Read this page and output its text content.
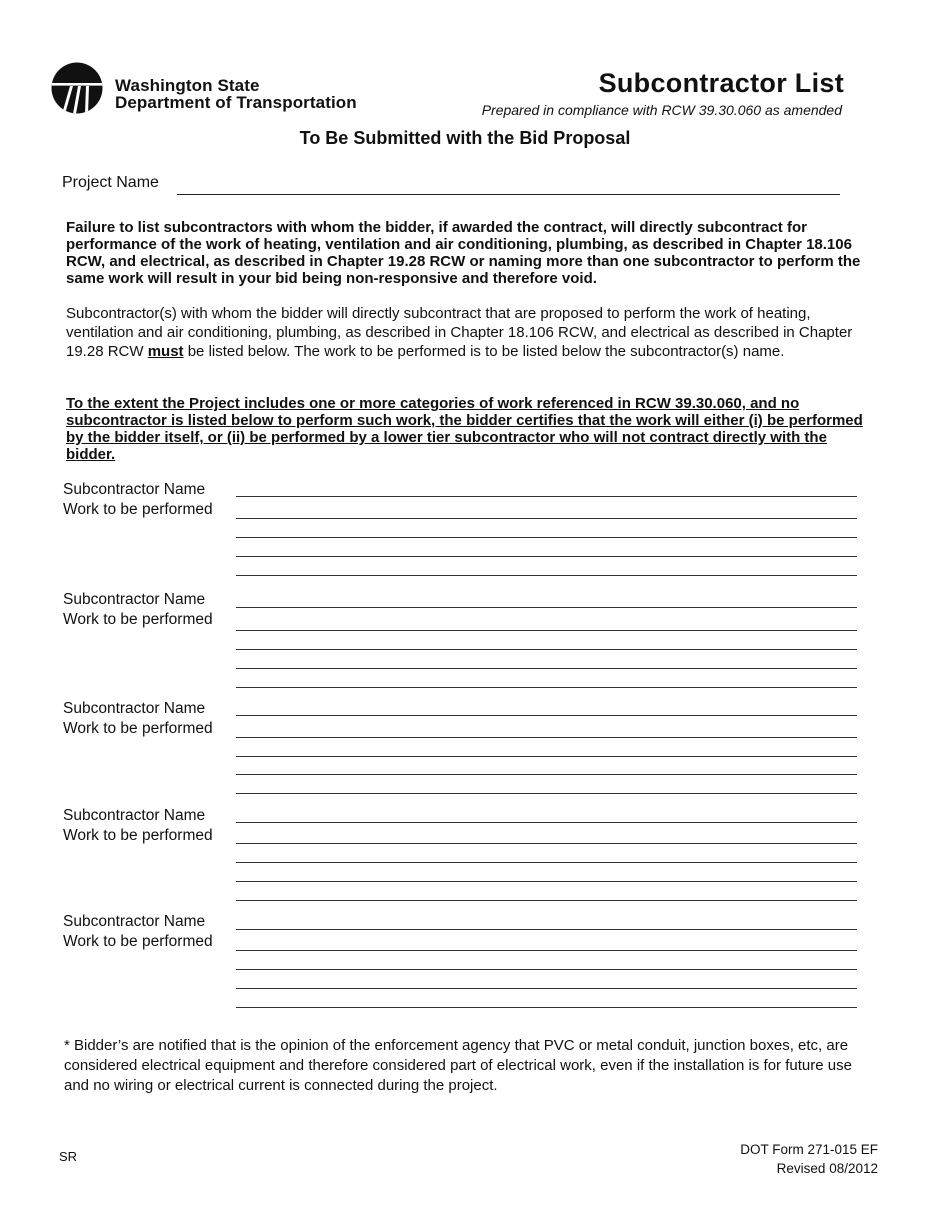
Washington State
Department of Transportation
Subcontractor List
Prepared in compliance with RCW 39.30.060 as amended
To Be Submitted with the Bid Proposal
Project Name
Failure to list subcontractors with whom the bidder, if awarded the contract, will directly subcontract for performance of the work of heating, ventilation and air conditioning, plumbing, as described in Chapter 18.106 RCW, and electrical, as described in Chapter 19.28 RCW or naming more than one subcontractor to perform the same work will result in your bid being non-responsive and therefore void.
Subcontractor(s) with whom the bidder will directly subcontract that are proposed to perform the work of heating, ventilation and air conditioning, plumbing, as described in Chapter 18.106 RCW, and electrical as described in Chapter 19.28 RCW must be listed below. The work to be performed is to be listed below the subcontractor(s) name.
To the extent the Project includes one or more categories of work referenced in RCW 39.30.060, and no subcontractor is listed below to perform such work, the bidder certifies that the work will either (i) be performed by the bidder itself, or (ii) be performed by a lower tier subcontractor who will not contract directly with the bidder.
Subcontractor Name
Work to be performed
Subcontractor Name
Work to be performed
Subcontractor Name
Work to be performed
Subcontractor Name
Work to be performed
Subcontractor Name
Work to be performed
* Bidder’s are notified that is the opinion of the enforcement agency that PVC or metal conduit, junction boxes, etc, are considered electrical equipment and therefore considered part of electrical work, even if the installation is for future use and no wiring or electrical current is connected during the project.
SR	DOT Form 271-015 EF
Revised 08/2012
